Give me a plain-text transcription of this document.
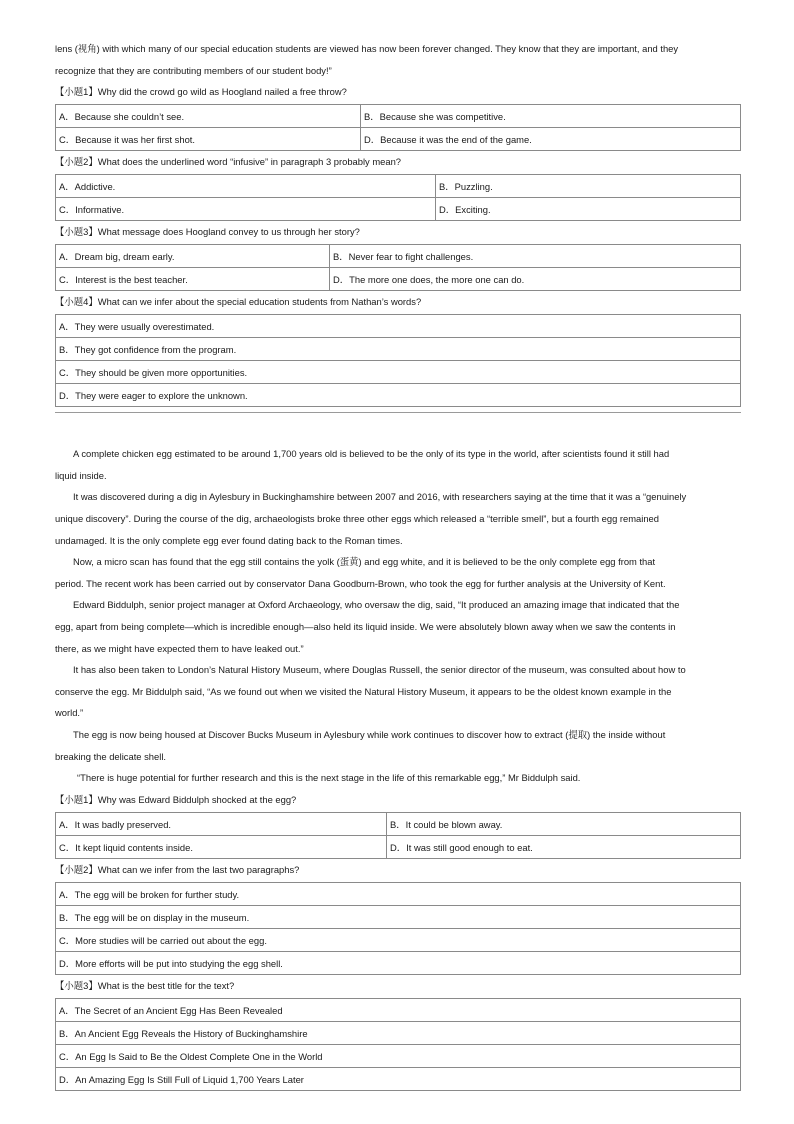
lens (视角) with which many of our special education students are viewed has now been forever changed. They know that they are important, and they

recognize that they are contributing members of our student body!”

【小题1】Why did the crowd go wild as Hoogland nailed a free throw?

A．Because she couldn’t see.	B．Because she was competitive.
C．Because it was her first shot.	D．Because it was the end of the game.

【小题2】What does the underlined word “infusive” in paragraph 3 probably mean?

A．Addictive.	B．Puzzling.
C．Informative.	D．Exciting.

【小题3】What message does Hoogland convey to us through her story?

A．Dream big, dream early.	B．Never fear to fight challenges.
C．Interest is the best teacher.	D．The more one does, the more one can do.

【小题4】What can we infer about the special education students from Nathan’s words?

A．They were usually overestimated.
B．They got confidence from the program.
C．They should be given more opportunities.
D．They were eager to explore the unknown.

A complete chicken egg estimated to be around 1,700 years old is believed to be the only of its type in the world, after scientists found it still had

liquid inside.

It was discovered during a dig in Aylesbury in Buckinghamshire between 2007 and 2016, with researchers saying at the time that it was a “genuinely

unique discovery”. During the course of the dig, archaeologists broke three other eggs which released a “terrible smell”, but a fourth egg remained

undamaged. It is the only complete egg ever found dating back to the Roman times.

Now, a micro scan has found that the egg still contains the yolk (蛋黄) and egg white, and it is believed to be the only complete egg from that

period. The recent work has been carried out by conservator Dana Goodburn-Brown, who took the egg for further analysis at the University of Kent.

Edward Biddulph, senior project manager at Oxford Archaeology, who oversaw the dig, said, “It produced an amazing image that indicated that the

egg, apart from being complete—which is incredible enough—also held its liquid inside. We were absolutely blown away when we saw the contents in

there, as we might have expected them to have leaked out.”

It has also been taken to London’s Natural History Museum, where Douglas Russell, the senior director of the museum, was consulted about how to

conserve the egg. Mr Biddulph said, “As we found out when we visited the Natural History Museum, it appears to be the oldest known example in the

world.”

The egg is now being housed at Discover Bucks Museum in Aylesbury while work continues to discover how to extract (提取) the inside without

breaking the delicate shell.

“There is huge potential for further research and this is the next stage in the life of this remarkable egg,” Mr Biddulph said.

【小题1】Why was Edward Biddulph shocked at the egg?

A．It was badly preserved.	B．It could be blown away.
C．It kept liquid contents inside.	D．It was still good enough to eat.

【小题2】What can we infer from the last two paragraphs?

A．The egg will be broken for further study.
B．The egg will be on display in the museum.
C．More studies will be carried out about the egg.
D．More efforts will be put into studying the egg shell.

【小题3】What is the best title for the text?

A．The Secret of an Ancient Egg Has Been Revealed
B．An Ancient Egg Reveals the History of Buckinghamshire
C．An Egg Is Said to Be the Oldest Complete One in the World
D．An Amazing Egg Is Still Full of Liquid 1,700 Years Later
